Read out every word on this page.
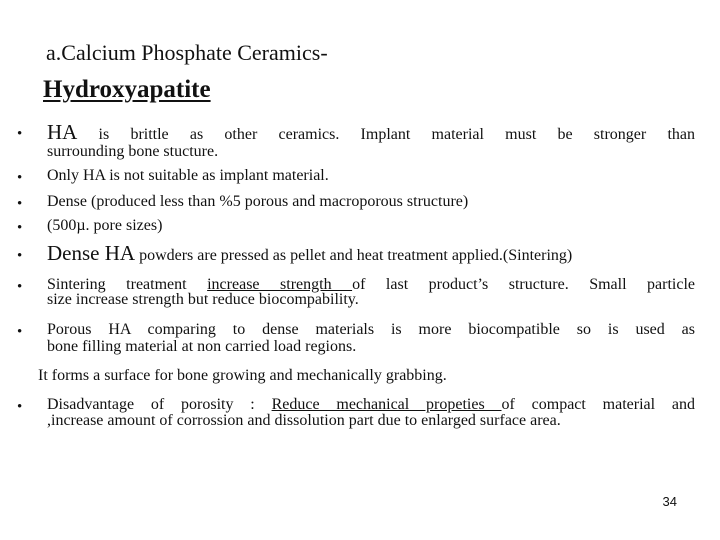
a.Calcium Phosphate Ceramics-
Hydroxyapatite
• HA is brittle as other ceramics. Implant material must be stronger than
surrounding bone stucture.
• Only HA is not suitable as implant material.
• Dense (produced less than %5 porous and macroporous structure)
• (500µ. pore sizes)
• Dense HA powders are pressed as pellet and heat treatment applied.(Sintering)
• Sintering treatment increase strength of last product’s structure. Small particle
size increase strength but reduce biocompability.
• Porous HA comparing to dense materials is more biocompatible so is used as
bone filling material at non carried load regions.
It forms a surface for bone growing and mechanically grabbing.
• Disadvantage of porosity : Reduce mechanical propeties of compact material and
,increase amount of corrossion and dissolution part due to enlarged surface area.
34
